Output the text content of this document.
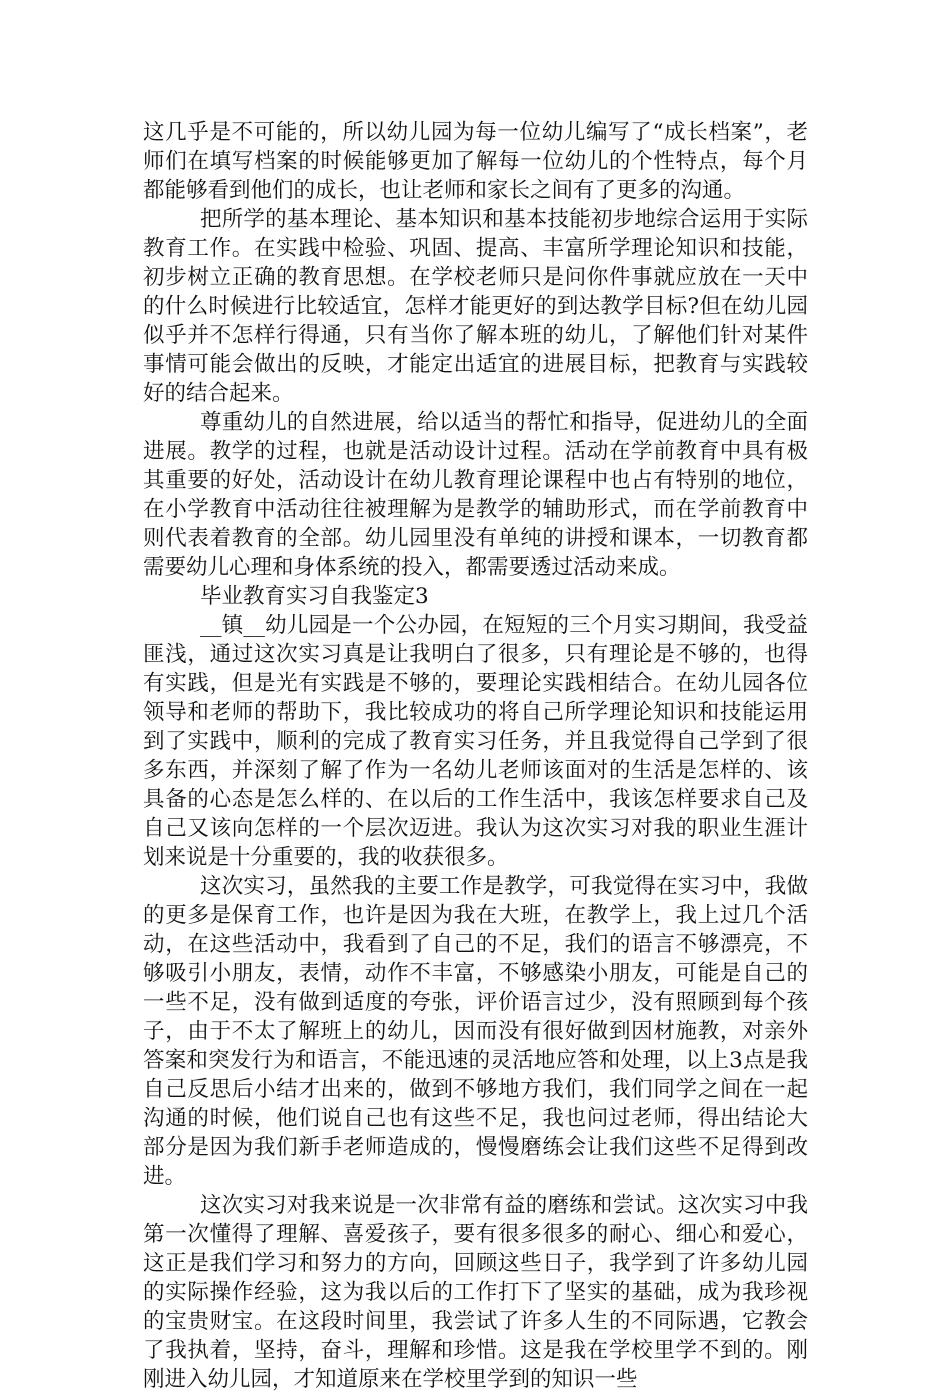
这几乎是不可能的，所以幼儿园为每一位幼儿编写了“成长档案”，老师们在填写档案的时候能够更加了解每一位幼儿的个性特点，每个月都能够看到他们的成长，也让老师和家长之间有了更多的沟通。

把所学的基本理论、基本知识和基本技能初步地综合运用于实际教育工作。在实践中检验、巩固、提高、丰富所学理论知识和技能，初步树立正确的教育思想。在学校老师只是问你件事就应放在一天中的什么时候进行比较适宜，怎样才能更好的到达教学目标?但在幼儿园似乎并不怎样行得通，只有当你了解本班的幼儿，了解他们针对某件事情可能会做出的反映，才能定出适宜的进展目标，把教育与实践较好的结合起来。

尊重幼儿的自然进展，给以适当的帮忙和指导，促进幼儿的全面进展。教学的过程，也就是活动设计过程。活动在学前教育中具有极其重要的好处，活动设计在幼儿教育理论课程中也占有特别的地位，在小学教育中活动往往被理解为是教学的辅助形式，而在学前教育中则代表着教育的全部。幼儿园里没有单纯的讲授和课本，一切教育都需要幼儿心理和身体系统的投入，都需要透过活动来成。

毕业教育实习自我鉴定3

__镇__幼儿园是一个公办园，在短短的三个月实习期间，我受益匪浅，通过这次实习真是让我明白了很多，只有理论是不够的，也得有实践，但是光有实践是不够的，要理论实践相结合。在幼儿园各位领导和老师的帮助下，我比较成功的将自己所学理论知识和技能运用到了实践中，顺利的完成了教育实习任务，并且我觉得自己学到了很多东西，并深刻了解了作为一名幼儿老师该面对的生活是怎样的、该具备的心态是怎么样的、在以后的工作生活中，我该怎样要求自己及自己又该向怎样的一个层次迈进。我认为这次实习对我的职业生涯计划来说是十分重要的，我的收获很多。

这次实习，虽然我的主要工作是教学，可我觉得在实习中，我做的更多是保育工作，也许是因为我在大班，在教学上，我上过几个活动，在这些活动中，我看到了自己的不足，我们的语言不够漂亮，不够吸引小朋友，表情，动作不丰富，不够感染小朋友，可能是自己的一些不足，没有做到适度的夸张，评价语言过少，没有照顾到每个孩子，由于不太了解班上的幼儿，因而没有很好做到因材施教，对亲外答案和突发行为和语言，不能迅速的灵活地应答和处理，以上3点是我自己反思后小结才出来的，做到不够地方我们，我们同学之间在一起沟通的时候，他们说自己也有这些不足，我也问过老师，得出结论大部分是因为我们新手老师造成的，慢慢磨练会让我们这些不足得到改进。

这次实习对我来说是一次非常有益的磨练和尝试。这次实习中我第一次懂得了理解、喜爱孩子，要有很多很多的耐心、细心和爱心，这正是我们学习和努力的方向，回顾这些日子，我学到了许多幼儿园的实际操作经验，这为我以后的工作打下了坚实的基础，成为我珍视的宝贵财宝。在这段时间里，我尝试了许多人生的不同际遇，它教会了我执着，坚持，奋斗，理解和珍惜。这是我在学校里学不到的。刚刚进入幼儿园，才知道原来在学校里学到的知识一些
